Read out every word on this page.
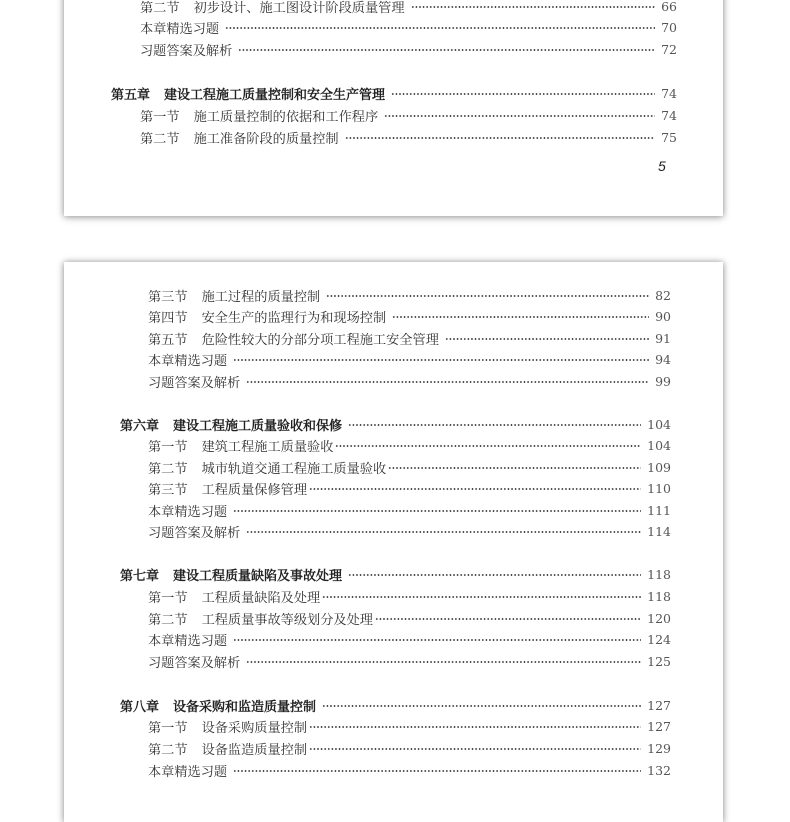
第二节 初步设计、施工图设计阶段质量管理	66
本章精选习题	70
习题答案及解析	72
第五章 建设工程施工质量控制和安全生产管理	74
第一节 施工质量控制的依据和工作程序	74
第二节 施工准备阶段的质量控制	75
5
第三节 施工过程的质量控制	82
第四节 安全生产的监理行为和现场控制	90
第五节 危险性较大的分部分项工程施工安全管理	91
本章精选习题	94
习题答案及解析	99
第六章 建设工程施工质量验收和保修	104
第一节 建筑工程施工质量验收	104
第二节 城市轨道交通工程施工质量验收	109
第三节 工程质量保修管理	110
本章精选习题	111
习题答案及解析	114
第七章 建设工程质量缺陷及事故处理	118
第一节 工程质量缺陷及处理	118
第二节 工程质量事故等级划分及处理	120
本章精选习题	124
习题答案及解析	125
第八章 设备采购和监造质量控制	127
第一节 设备采购质量控制	127
第二节 设备监造质量控制	129
本章精选习题	132
